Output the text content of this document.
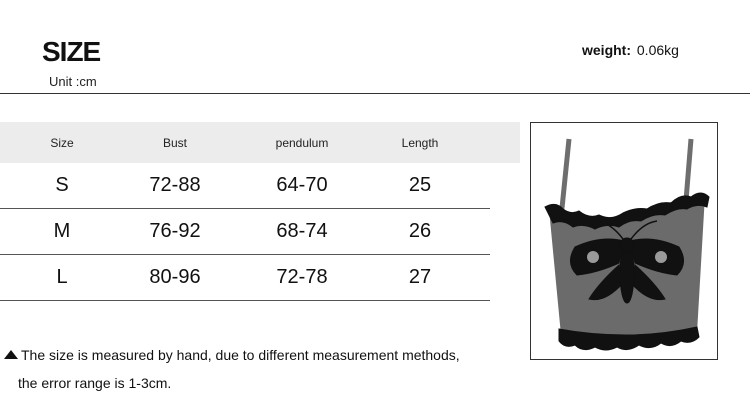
SIZE
Unit :cm
weight: 0.06kg
Size	Bust	pendulum	Length
S	72-88	64-70	25
M	76-92	68-74	26
L	80-96	72-78	27
The size is measured by hand, due to different measurement methods,
the error range is 1-3cm.
